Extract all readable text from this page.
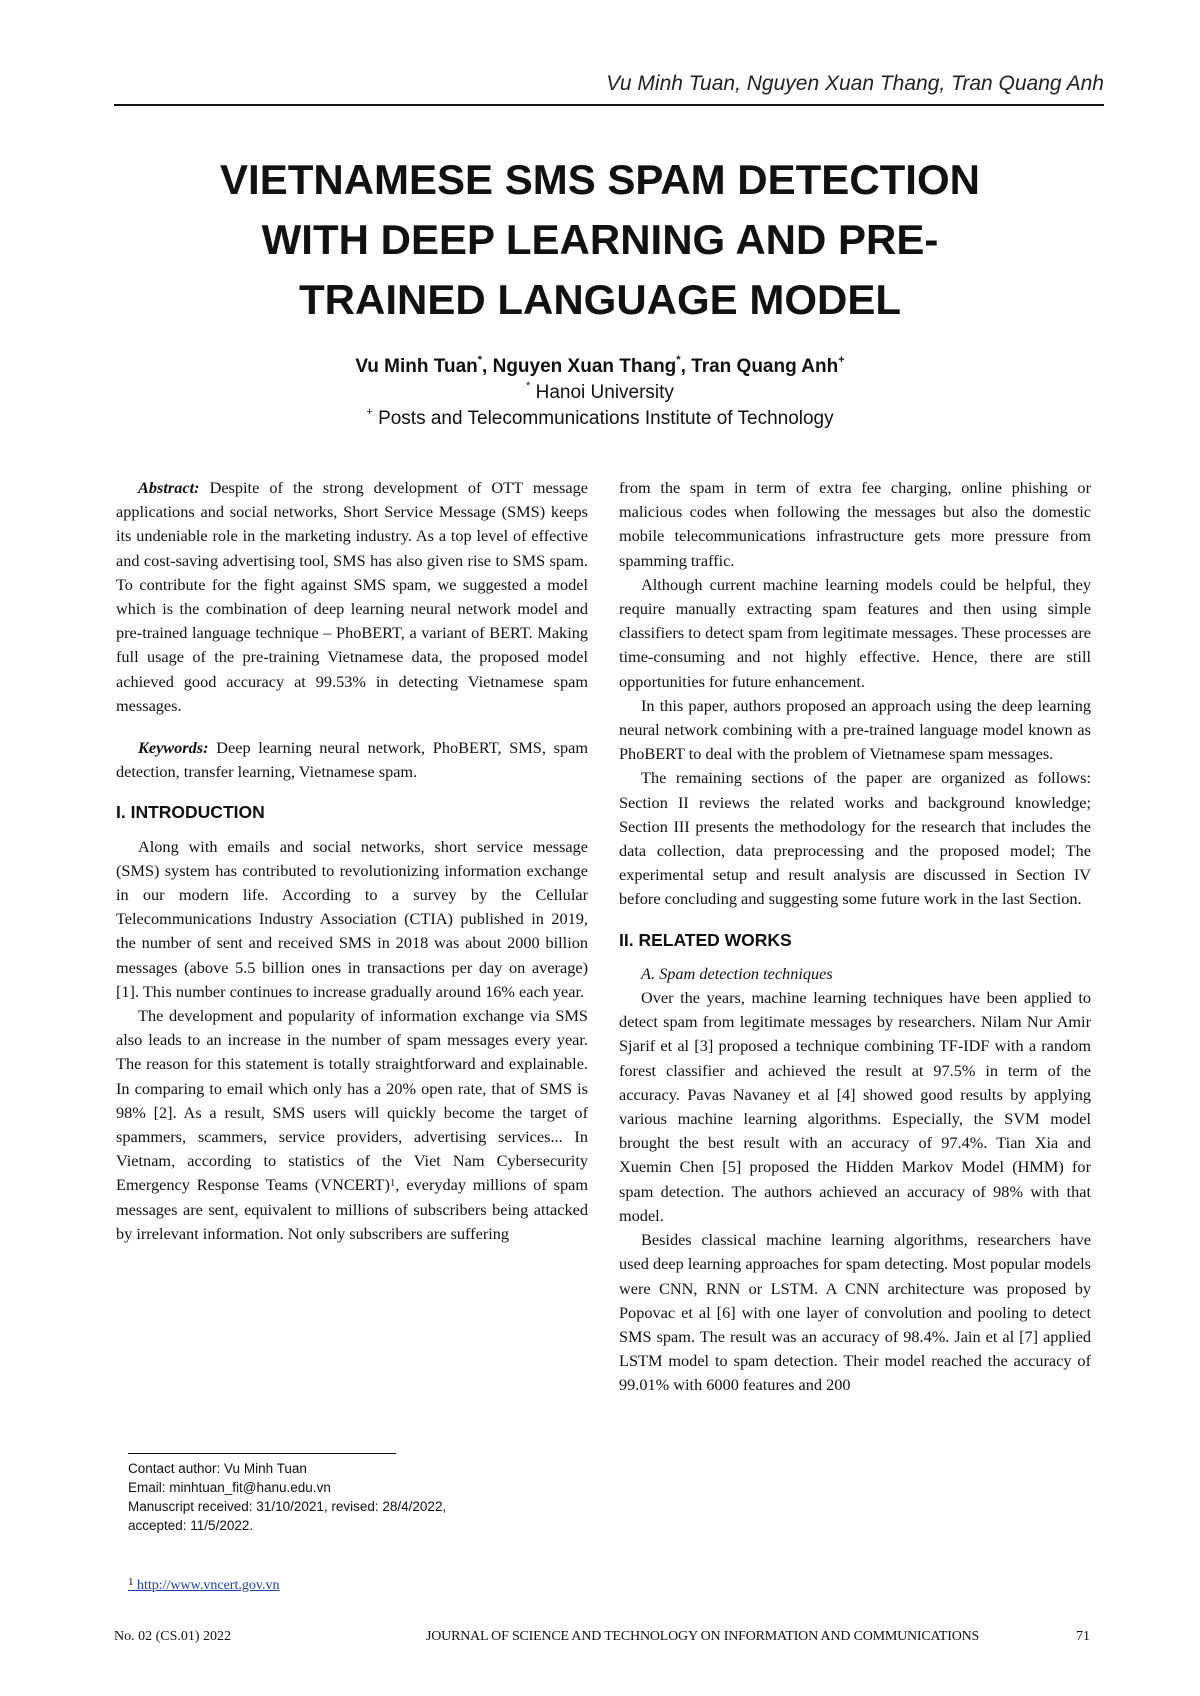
Vu Minh Tuan, Nguyen Xuan Thang, Tran Quang Anh
VIETNAMESE SMS SPAM DETECTION
WITH DEEP LEARNING AND PRE-
TRAINED LANGUAGE MODEL
Vu Minh Tuan*, Nguyen Xuan Thang*, Tran Quang Anh+
* Hanoi University
+ Posts and Telecommunications Institute of Technology

Abstract: Despite of the strong development of OTT message applications and social networks, Short Service Message (SMS) keeps its undeniable role in the marketing industry. As a top level of effective and cost-saving advertising tool, SMS has also given rise to SMS spam. To contribute for the fight against SMS spam, we suggested a model which is the combination of deep learning neural network model and pre-trained language technique – PhoBERT, a variant of BERT. Making full usage of the pre-training Vietnamese data, the proposed model achieved good accuracy at 99.53% in detecting Vietnamese spam messages.

Keywords: Deep learning neural network, PhoBERT, SMS, spam detection, transfer learning, Vietnamese spam.

I. INTRODUCTION

Along with emails and social networks, short service message (SMS) system has contributed to revolutionizing information exchange in our modern life. According to a survey by the Cellular Telecommunications Industry Association (CTIA) published in 2019, the number of sent and received SMS in 2018 was about 2000 billion messages (above 5.5 billion ones in transactions per day on average) [1]. This number continues to increase gradually around 16% each year.

The development and popularity of information exchange via SMS also leads to an increase in the number of spam messages every year. The reason for this statement is totally straightforward and explainable. In comparing to email which only has a 20% open rate, that of SMS is 98% [2]. As a result, SMS users will quickly become the target of spammers, scammers, service providers, advertising services... In Vietnam, according to statistics of the Viet Nam Cybersecurity Emergency Response Teams (VNCERT)$^1$, everyday millions of spam messages are sent, equivalent to millions of subscribers being attacked by irrelevant information. Not only subscribers are suffering

from the spam in term of extra fee charging, online phishing or malicious codes when following the messages but also the domestic mobile telecommunications infrastructure gets more pressure from spamming traffic.

Although current machine learning models could be helpful, they require manually extracting spam features and then using simple classifiers to detect spam from legitimate messages. These processes are time-consuming and not highly effective. Hence, there are still opportunities for future enhancement.

In this paper, authors proposed an approach using the deep learning neural network combining with a pre-trained language model known as PhoBERT to deal with the problem of Vietnamese spam messages.

The remaining sections of the paper are organized as follows: Section II reviews the related works and background knowledge; Section III presents the methodology for the research that includes the data collection, data preprocessing and the proposed model; The experimental setup and result analysis are discussed in Section IV before concluding and suggesting some future work in the last Section.

II. RELATED WORKS

A. Spam detection techniques

Over the years, machine learning techniques have been applied to detect spam from legitimate messages by researchers. Nilam Nur Amir Sjarif et al [3] proposed a technique combining TF-IDF with a random forest classifier and achieved the result at 97.5% in term of the accuracy. Pavas Navaney et al [4] showed good results by applying various machine learning algorithms. Especially, the SVM model brought the best result with an accuracy of 97.4%. Tian Xia and Xuemin Chen [5] proposed the Hidden Markov Model (HMM) for spam detection. The authors achieved an accuracy of 98% with that model.

Besides classical machine learning algorithms, researchers have used deep learning approaches for spam detecting. Most popular models were CNN, RNN or LSTM. A CNN architecture was proposed by Popovac et al [6] with one layer of convolution and pooling to detect SMS spam. The result was an accuracy of 98.4%. Jain et al [7] applied LSTM model to spam detection. Their model reached the accuracy of 99.01% with 6000 features and 200

Contact author: Vu Minh Tuan
Email: minhtuan_fit@hanu.edu.vn
Manuscript received: 31/10/2021, revised: 28/4/2022,
accepted: 11/5/2022.
$^1$ http://www.vncert.gov.vn
No. 02 (CS.01) 2022	JOURNAL OF SCIENCE AND TECHNOLOGY ON INFORMATION AND COMMUNICATIONS	71
